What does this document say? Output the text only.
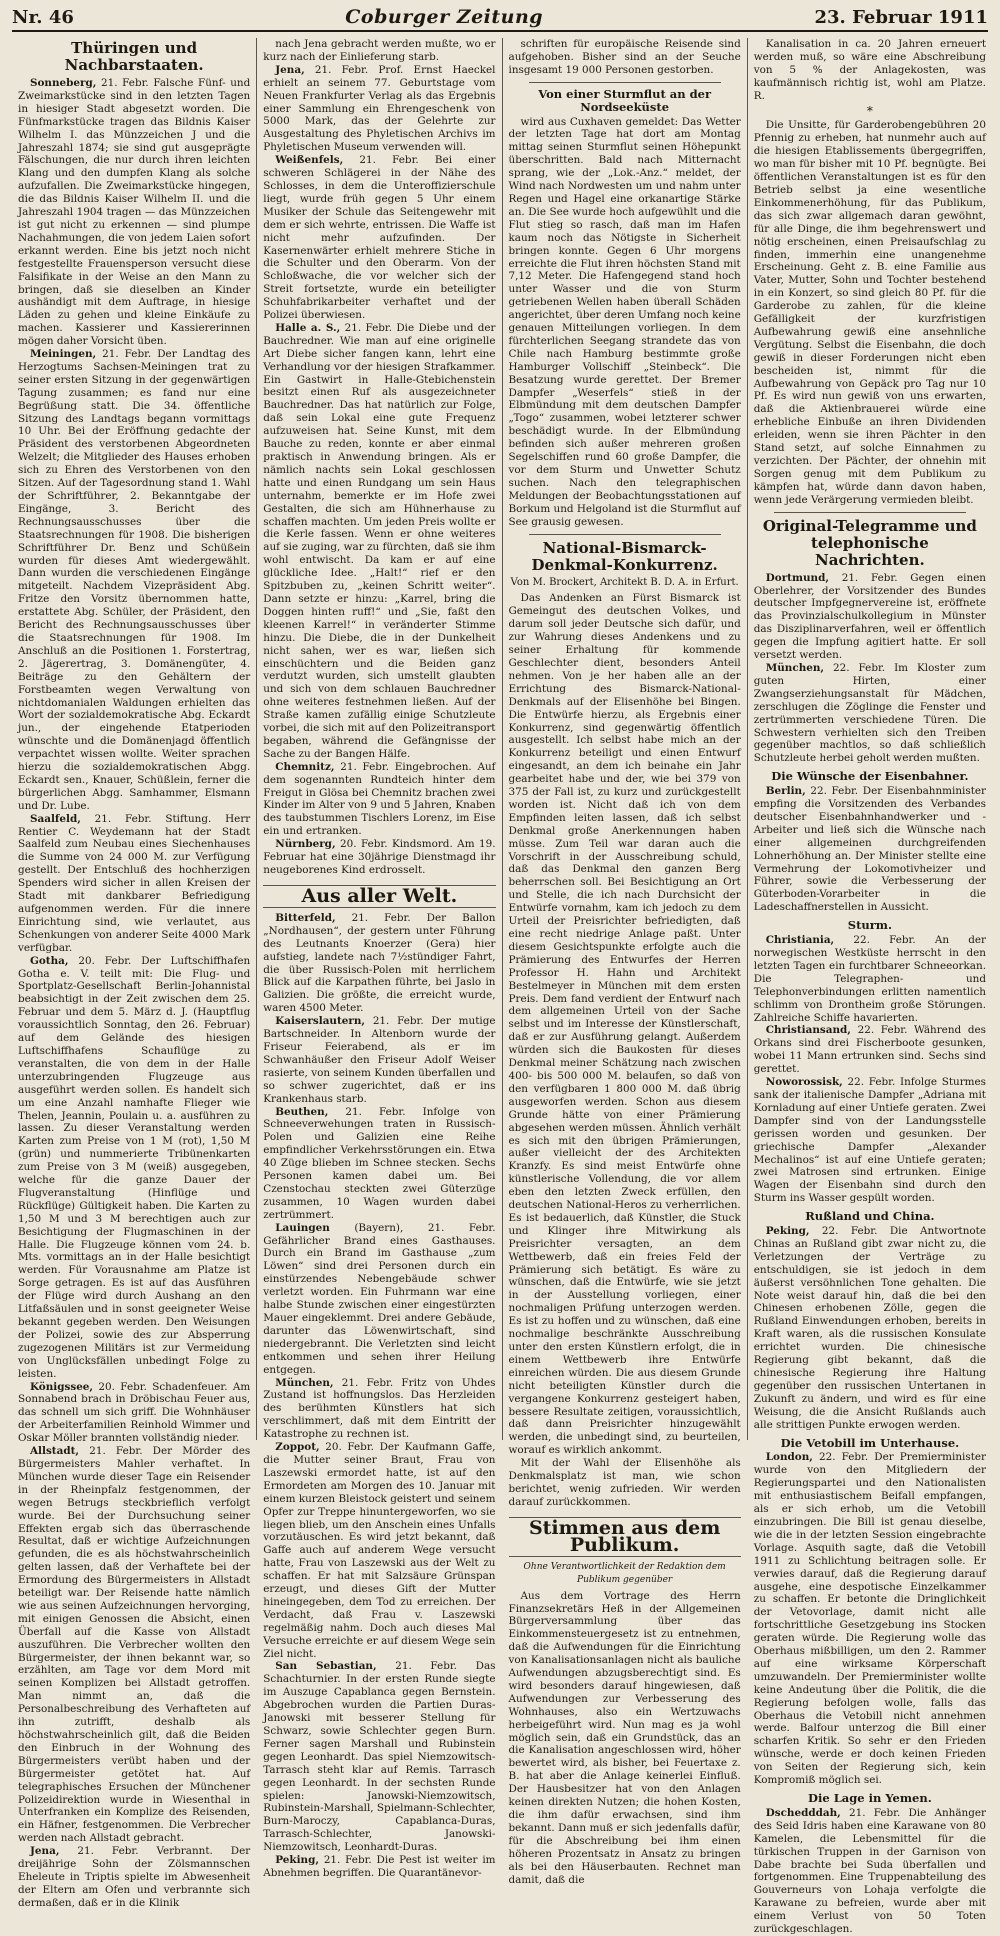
Nr. 46	Coburger Zeitung	23. Februar 1911
Thüringen und Nachbarstaaten.

Sonneberg, 21. Febr. Falsche Fünf- und Zweimarkstücke sind in den letzten Tagen in hiesiger Stadt abgesetzt worden. Die Fünfmarkstücke tragen das Bildnis Kaiser Wilhelm I. das Münzzeichen J und die Jahreszahl 1874; sie sind gut ausgeprägte Fälschungen, die nur durch ihren leichten Klang und den dumpfen Klang als solche aufzufallen. Die Zweimarkstücke hingegen, die das Bildnis Kaiser Wilhelm II. und die Jahreszahl 1904 tragen — das Münzzeichen ist gut nicht zu erkennen — sind plumpe Nachahmungen, die von jedem Laien sofort erkannt werden. Eine bis jetzt noch nicht festgestellte Frauensperson versucht diese Falsifikate in der Weise an den Mann zu bringen, daß sie dieselben an Kinder aushändigt mit dem Auftrage, in hiesige Läden zu gehen und kleine Einkäufe zu machen. Kassierer und Kassiererinnen mögen daher Vorsicht üben.

Meiningen, 21. Febr. Der Landtag des Herzogtums Sachsen-Meiningen trat zu seiner ersten Sitzung in der gegenwärtigen Tagung zusammen; es fand nur eine Begrüßung statt. Die 34. öffentliche Sitzung des Landtags begann vormittags 10 Uhr. Bei der Eröffnung gedachte der Präsident des verstorbenen Abgeordneten Welzelt; die Mitglieder des Hauses erhoben sich zu Ehren des Verstorbenen von den Sitzen. Auf der Tagesordnung stand 1. Wahl der Schriftführer, 2. Bekanntgabe der Eingänge, 3. Bericht des Rechnungsausschusses über die Staatsrechnungen für 1908. Die bisherigen Schriftführer Dr. Benz und Schüßein wurden für dieses Amt wiedergewählt. Dann wurden die verschiedenen Eingänge mitgeteilt. Nachdem Vizepräsident Abg. Fritze den Vorsitz übernommen hatte, erstattete Abg. Schüler, der Präsident, den Bericht des Rechnungsausschusses über die Staatsrechnungen für 1908. Im Anschluß an die Positionen 1. Forstertrag, 2. Jägerertrag, 3. Domänengüter, 4. Beiträge zu den Gehältern der Forstbeamten wegen Verwaltung von nichtdomanialen Waldungen erhielten das Wort der sozialdemokratische Abg. Eckardt jun., der eingehende Etatperioden wünschte und die Domänenjagd öffentlich verpachtet wissen wollte. Weiter sprachen hierzu die sozialdemokratischen Abgg. Eckardt sen., Knauer, Schüßlein, ferner die bürgerlichen Abgg. Samhammer, Elsmann und Dr. Lube.

Saalfeld, 21. Febr. Stiftung. Herr Rentier C. Weydemann hat der Stadt Saalfeld zum Neubau eines Siechenhauses die Summe von 24 000 M. zur Verfügung gestellt. Der Entschluß des hochherzigen Spenders wird sicher in allen Kreisen der Stadt mit dankbarer Befriedigung aufgenommen werden. Für die innere Einrichtung sind, wie verlautet, aus Schenkungen von anderer Seite 4000 Mark verfügbar.

Gotha, 20. Febr. Der Luftschiffhafen Gotha e. V. teilt mit: Die Flug- und Sportplatz-Gesellschaft Berlin-Johannistal beabsichtigt in der Zeit zwischen dem 25. Februar und dem 5. März d. J. (Hauptflug voraussichtlich Sonntag, den 26. Februar) auf dem Gelände des hiesigen Luftschiffhafens Schauflüge zu veranstalten, die von dem in der Halle unterzubringenden Flugzeuge aus ausgeführt werden sollen. Es handelt sich um eine Anzahl namhafte Flieger wie Thelen, Jeannin, Poulain u. a. ausführen zu lassen. Zu dieser Veranstaltung werden Karten zum Preise von 1 M (rot), 1,50 M (grün) und nummerierte Tribünenkarten zum Preise von 3 M (weiß) ausgegeben, welche für die ganze Dauer der Flugveranstaltung (Hinflüge und Rückflüge) Gültigkeit haben. Die Karten zu 1,50 M und 3 M berechtigen auch zur Besichtigung der Flugmaschinen in der Halle. Die Flugzeuge können vom 24. b. Mts. vormittags an in der Halle besichtigt werden. Für Vorausnahme am Platze ist Sorge getragen. Es ist auf das Ausführen der Flüge wird durch Aushang an den Litfaßsäulen und in sonst geeigneter Weise bekannt gegeben werden. Den Weisungen der Polizei, sowie des zur Absperrung zugezogenen Militärs ist zur Vermeidung von Unglücksfällen unbedingt Folge zu leisten.

Königssee, 20. Febr. Schadenfeuer. Am Sonnabend brach in Dröbischau Feuer aus, das schnell um sich griff. Die Wohnhäuser der Arbeiterfamilien Reinhold Wimmer und Oskar Möller brannten vollständig nieder.

Allstadt, 21. Febr. Der Mörder des Bürgermeisters Mahler verhaftet. In München wurde dieser Tage ein Reisender in der Rheinpfalz festgenommen, der wegen Betrugs steckbrieflich verfolgt wurde. Bei der Durchsuchung seiner Effekten ergab sich das überraschende Resultat, daß er wichtige Aufzeichnungen gefunden, die es als höchstwahrscheinlich gelten lassen, daß der Verhaftete bei der Ermordung des Bürgermeisters in Allstadt beteiligt war. Der Reisende hatte nämlich wie aus seinen Aufzeichnungen hervorging, mit einigen Genossen die Absicht, einen Überfall auf die Kasse von Allstadt auszuführen. Die Verbrecher wollten den Bürgermeister, der ihnen bekannt war, so erzählten, am Tage vor dem Mord mit seinen Komplizen bei Allstadt getroffen. Man nimmt an, daß die Personalbeschreibung des Verhafteten auf ihn zutrifft, deshalb als höchstwahrscheinlich gilt, daß die Beiden den Einbruch in der Wohnung des Bürgermeisters verübt haben und der Bürgermeister getötet hat. Auf telegraphisches Ersuchen der Münchener Polizeidirektion wurde in Wiesenthal in Unterfranken ein Komplize des Reisenden, ein Häfner, festgenommen. Die Verbrecher werden nach Allstadt gebracht.

Jena, 21. Febr. Verbrannt. Der dreijährige Sohn der Zölsmannschen Eheleute in Triptis spielte im Abwesenheit der Eltern am Ofen und verbrannte sich dermaßen, daß er in die Klinik

nach Jena gebracht werden mußte, wo er kurz nach der Einlieferung starb.

Jena, 21. Febr. Prof. Ernst Haeckel erhielt an seinem 77. Geburtstage vom Neuen Frankfurter Verlag als das Ergebnis einer Sammlung ein Ehrengeschenk von 5000 Mark, das der Gelehrte zur Ausgestaltung des Phyletischen Archivs im Phyletischen Museum verwenden will.

Weißenfels, 21. Febr. Bei einer schweren Schlägerei in der Nähe des Schlosses, in dem die Unteroffizierschule liegt, wurde früh gegen 5 Uhr einem Musiker der Schule das Seitengewehr mit dem er sich wehrte, entrissen. Die Waffe ist nicht mehr aufzufinden. Der Kasernenwärter erhielt mehrere Stiche in die Schulter und den Oberarm. Von der Schloßwache, die vor welcher sich der Streit fortsetzte, wurde ein beteiligter Schuhfabrikarbeiter verhaftet und der Polizei überwiesen.

Halle a. S., 21. Febr. Die Diebe und der Bauchredner. Wie man auf eine originelle Art Diebe sicher fangen kann, lehrt eine Verhandlung vor der hiesigen Strafkammer. Ein Gastwirt in Halle-Gtebichenstein besitzt einen Ruf als ausgezeichneter Bauchredner. Das hat natürlich zur Folge, daß sein Lokal eine gute Frequenz aufzuweisen hat. Seine Kunst, mit dem Bauche zu reden, konnte er aber einmal praktisch in Anwendung bringen. Als er nämlich nachts sein Lokal geschlossen hatte und einen Rundgang um sein Haus unternahm, bemerkte er im Hofe zwei Gestalten, die sich am Hühnerhause zu schaffen machten. Um jeden Preis wollte er die Kerle fassen. Wenn er ohne weiteres auf sie zuging, war zu fürchten, daß sie ihm wohl entwischt. Da kam er auf eine glückliche Idee. „Halt!“ rief er den Spitzbuben zu, „keinen Schritt weiter“. Dann setzte er hinzu: „Karrel, bring die Doggen hinten ruff!“ und „Sie, faßt den kleenen Karrel!“ in veränderter Stimme hinzu. Die Diebe, die in der Dunkelheit nicht sahen, wer es war, ließen sich einschüchtern und die Beiden ganz verdutzt wurden, sich umstellt glaubten und sich von dem schlauen Bauchredner ohne weiteres festnehmen ließen. Auf der Straße kamen zufällig einige Schutzleute vorbei, die sich mit auf den Polizeitransport begaben, während die Gefängnisse der Sache zu der Bangen Hälfe.

Chemnitz, 21. Febr. Eingebrochen. Auf dem sogenannten Rundteich hinter dem Freigut in Glösa bei Chemnitz brachen zwei Kinder im Alter von 9 und 5 Jahren, Knaben des taubstummen Tischlers Lorenz, im Eise ein und ertranken.

Nürnberg, 20. Febr. Kindsmord. Am 19. Februar hat eine 30jährige Dienstmagd ihr neugeborenes Kind erdrosselt.

Aus aller Welt.

Bitterfeld, 21. Febr. Der Ballon „Nordhausen“, der gestern unter Führung des Leutnants Knoerzer (Gera) hier aufstieg, landete nach 7½stündiger Fahrt, die über Russisch-Polen mit herrlichem Blick auf die Karpathen führte, bei Jaslo in Galizien. Die größte, die erreicht wurde, waren 4500 Meter.

Kaiserslautern, 21. Febr. Der mutige Bartschneider. In Altenborn wurde der Friseur Feierabend, als er im Schwanhäußer den Friseur Adolf Weiser rasierte, von seinem Kunden überfallen und so schwer zugerichtet, daß er ins Krankenhaus starb.

Beuthen, 21. Febr. Infolge von Schneeverwehungen traten in Russisch-Polen und Galizien eine Reihe empfindlicher Verkehrsstörungen ein. Etwa 40 Züge blieben im Schnee stecken. Sechs Personen kamen dabei um. Bei Czenstochau steckten zwei Güterzüge zusammen, 10 Wagen wurden dabei zertrümmert.

Lauingen (Bayern), 21. Febr. Gefährlicher Brand eines Gasthauses. Durch ein Brand im Gasthause „zum Löwen“ sind drei Personen durch ein einstürzendes Nebengebäude schwer verletzt worden. Ein Fuhrmann war eine halbe Stunde zwischen einer eingestürzten Mauer eingeklemmt. Drei andere Gebäude, darunter das Löwenwirtschaft, sind niedergebrannt. Die Verletzten sind leicht entkommen und sehen ihrer Heilung entgegen.

München, 21. Febr. Fritz von Uhdes Zustand ist hoffnungslos. Das Herzleiden des berühmten Künstlers hat sich verschlimmert, daß mit dem Eintritt der Katastrophe zu rechnen ist.

Zoppot, 20. Febr. Der Kaufmann Gaffe, die Mutter seiner Braut, Frau von Laszewski ermordet hatte, ist auf den Ermordeten am Morgen des 10. Januar mit einem kurzen Bleistock geistert und seinem Opfer zur Treppe hinuntergeworfen, wo sie liegen blieb, um den Anschein eines Unfalls vorzutäuschen. Es wird jetzt bekannt, daß Gaffe auch auf anderem Wege versucht hatte, Frau von Laszewski aus der Welt zu schaffen. Er hat mit Salzsäure Grünspan erzeugt, und dieses Gift der Mutter hineingegeben, dem Tod zu erreichen. Der Verdacht, daß Frau v. Laszewski regelmäßig nahm. Doch auch dieses Mal Versuche erreichte er auf diesem Wege sein Ziel nicht.

San Sebastian, 21. Febr. Das Schachturnier. In der ersten Runde siegte im Auszuge Capablanca gegen Bernstein. Abgebrochen wurden die Partien Duras-Janowski mit besserer Stellung für Schwarz, sowie Schlechter gegen Burn. Ferner sagen Marshall und Rubinstein gegen Leonhardt. Das spiel Niemzowitsch-Tarrasch steht klar auf Remis. Tarrasch gegen Leonhardt. In der sechsten Runde spielen: Janowski-Niemzowitsch, Rubinstein-Marshall, Spielmann-Schlechter, Burn-Maroczy, Capablanca-Duras, Tarrasch-Schlechter, Janowski-Niemzowitsch, Leonhardt-Duras.

Peking, 21. Febr. Die Pest ist weiter im Abnehmen begriffen. Die Quarantänevor-

schriften für europäische Reisende sind aufgehoben. Bisher sind an der Seuche insgesamt 19 000 Personen gestorben.

Von einer Sturmflut an der Nordseeküste

wird aus Cuxhaven gemeldet: Das Wetter der letzten Tage hat dort am Montag mittag seinen Sturmflut seinen Höhepunkt überschritten. Bald nach Mitternacht sprang, wie der „Lok.-Anz.“ meldet, der Wind nach Nordwesten um und nahm unter Regen und Hagel eine orkanartige Stärke an. Die See wurde hoch aufgewühlt und die Flut stieg so rasch, daß man im Hafen kaum noch das Nötigste in Sicherheit bringen konnte. Gegen 6 Uhr morgens erreichte die Flut ihren höchsten Stand mit 7,12 Meter. Die Hafengegend stand hoch unter Wasser und die von Sturm getriebenen Wellen haben überall Schäden angerichtet, über deren Umfang noch keine genauen Mitteilungen vorliegen. In dem fürchterlichen Seegang strandete das von Chile nach Hamburg bestimmte große Hamburger Vollschiff „Steinbeck“. Die Besatzung wurde gerettet. Der Bremer Dampfer „Weserfels“ stieß in der Elbmündung mit dem deutschen Dampfer „Togo“ zusammen, wobei letzterer schwer beschädigt wurde. In der Elbmündung befinden sich außer mehreren großen Segelschiffen rund 60 große Dampfer, die vor dem Sturm und Unwetter Schutz suchen. Nach den telegraphischen Meldungen der Beobachtungsstationen auf Borkum und Helgoland ist die Sturmflut auf See grausig gewesen.

National-Bismarck-Denkmal-Konkurrenz.
Von M. Brockert, Architekt B. D. A. in Erfurt.

Das Andenken an Fürst Bismarck ist Gemeingut des deutschen Volkes, und darum soll jeder Deutsche sich dafür, und zur Wahrung dieses Andenkens und zu seiner Erhaltung für kommende Geschlechter dient, besonders Anteil nehmen. Von je her haben alle an der Errichtung des Bismarck-National-Denkmals auf der Elisenhöhe bei Bingen. Die Entwürfe hierzu, als Ergebnis einer Konkurrenz, sind gegenwärtig öffentlich ausgestellt. Ich selbst habe mich an der Konkurrenz beteiligt und einen Entwurf eingesandt, an dem ich beinahe ein Jahr gearbeitet habe und der, wie bei 379 von 375 der Fall ist, zu kurz und zurückgestellt worden ist. Nicht daß ich von dem Empfinden leiten lassen, daß ich selbst Denkmal große Anerkennungen haben müsse. Zum Teil war daran auch die Vorschrift in der Ausschreibung schuld, daß das Denkmal den ganzen Berg beherrschen soll. Bei Besichtigung an Ort und Stelle, die ich nach Durchsicht der Entwürfe vornahm, kam ich jedoch zu dem Urteil der Preisrichter befriedigten, daß eine recht niedrige Anlage paßt. Unter diesem Gesichtspunkte erfolgte auch die Prämierung des Entwurfes der Herren Professor H. Hahn und Architekt Bestelmeyer in München mit dem ersten Preis. Dem fand verdient der Entwurf nach dem allgemeinen Urteil von der Sache selbst und im Interesse der Künstlerschaft, daß er zur Ausführung gelangt. Außerdem würden sich die Baukosten für dieses Denkmal meiner Schätzung nach zwischen 400- bis 500 000 M. belaufen, so daß von den verfügbaren 1 800 000 M. daß übrig ausgeworfen werden. Schon aus diesem Grunde hätte von einer Prämierung abgesehen werden müssen. Ähnlich verhält es sich mit den übrigen Prämierungen, außer vielleicht der des Architekten Kranzfy. Es sind meist Entwürfe ohne künstlerische Vollendung, die vor allem eben den letzten Zweck erfüllen, den deutschen National-Heros zu verherrlichen. Es ist bedauerlich, daß Künstler, die Stuck und Klinger ihre Mitwirkung als Preisrichter versagten, an dem Wettbewerb, daß ein freies Feld der Prämierung sich betätigt. Es wäre zu wünschen, daß die Entwürfe, wie sie jetzt in der Ausstellung vorliegen, einer nochmaligen Prüfung unterzogen werden. Es ist zu hoffen und zu wünschen, daß eine nochmalige beschränkte Ausschreibung unter den ersten Künstlern erfolgt, die in einem Wettbewerb ihre Entwürfe einreichen würden. Die aus diesem Grunde nicht beteiligten Künstler durch die vergangene Konkurrenz gesteigert haben, bessere Resultate zeitigen, voraussichtlich, daß dann Preisrichter hinzugewählt werden, die unbedingt sind, zu beurteilen, worauf es wirklich ankommt.

Mit der Wahl der Elisenhöhe als Denkmalsplatz ist man, wie schon berichtet, wenig zufrieden. Wir werden darauf zurückkommen.

Stimmen aus dem Publikum.
Ohne Verantwortlichkeit der Redaktion dem Publikum gegenüber

Aus dem Vortrage des Herrn Finanzsekretärs Heß in der Allgemeinen Bürgerversammlung über das Einkommensteuergesetz ist zu entnehmen, daß die Aufwendungen für die Einrichtung von Kanalisationsanlagen nicht als bauliche Aufwendungen abzugsberechtigt sind. Es wird besonders darauf hingewiesen, daß Aufwendungen zur Verbesserung des Wohnhauses, also ein Wertzuwachs herbeigeführt wird. Nun mag es ja wohl möglich sein, daß ein Grundstück, das an die Kanalisation angeschlossen wird, höher bewertet wird, als bisher, bei Feuertaxe z. B. hat aber die Anlage keinerlei Einfluß. Der Hausbesitzer hat von den Anlagen keinen direkten Nutzen; die hohen Kosten, die ihm dafür erwachsen, sind ihm bekannt. Dann muß er sich jedenfalls dafür, für die Abschreibung bei ihm einen höheren Prozentsatz in Ansatz zu bringen als bei den Häuserbauten. Rechnet man damit, daß die

Kanalisation in ca. 20 Jahren erneuert werden muß, so wäre eine Abschreibung von 5 % der Anlagekosten, was kaufmännisch richtig ist, wohl am Platze. R.

*

Die Unsitte, für Garderobengebühren 20 Pfennig zu erheben, hat nunmehr auch auf die hiesigen Etablissements übergegriffen, wo man für bisher mit 10 Pf. begnügte. Bei öffentlichen Veranstaltungen ist es für den Betrieb selbst ja eine wesentliche Einkommenerhöhung, für das Publikum, das sich zwar allgemach daran gewöhnt, für alle Dinge, die ihm begehrenswert und nötig erscheinen, einen Preisaufschlag zu finden, immerhin eine unangenehme Erscheinung. Geht z. B. eine Familie aus Vater, Mutter, Sohn und Tochter bestehend in ein Konzert, so sind gleich 80 Pf. für die Garderobe zu zahlen, für die kleine Gefälligkeit der kurzfristigen Aufbewahrung gewiß eine ansehnliche Vergütung. Selbst die Eisenbahn, die doch gewiß in dieser Forderungen nicht eben bescheiden ist, nimmt für die Aufbewahrung von Gepäck pro Tag nur 10 Pf. Es wird nun gewiß von uns erwarten, daß die Aktienbrauerei würde eine erhebliche Einbuße an ihren Dividenden erleiden, wenn sie ihren Pächter in den Stand setzt, auf solche Einnahmen zu verzichten. Der Pächter, der ohnehin mit Sorgen genug mit dem Publikum zu kämpfen hat, würde dann davon haben, wenn jede Verärgerung vermieden bleibt.

Original-Telegramme und telephonische Nachrichten.

Dortmund, 21. Febr. Gegen einen Oberlehrer, der Vorsitzender des Bundes deutscher Impfgegnervereine ist, eröffnete das Provinzialschulkollegium in Münster das Disziplinarverfahren, weil er öffentlich gegen die Impfung agitiert hatte. Er soll versetzt werden.

München, 22. Febr. Im Kloster zum guten Hirten, einer Zwangserziehungsanstalt für Mädchen, zerschlugen die Zöglinge die Fenster und zertrümmerten verschiedene Türen. Die Schwestern verhielten sich den Treiben gegenüber machtlos, so daß schließlich Schutzleute herbei geholt werden mußten.

Die Wünsche der Eisenbahner.

Berlin, 22. Febr. Der Eisenbahnminister empfing die Vorsitzenden des Verbandes deutscher Eisenbahnhandwerker und -Arbeiter und ließ sich die Wünsche nach einer allgemeinen durchgreifenden Lohnerhöhung an. Der Minister stellte eine Vermehrung der Lokomotivheizer und Führer, sowie die Verbesserung der Güterboden-Vorarbeiter in die Ladeschaffnerstellen in Aussicht.

Sturm.

Christiania, 22. Febr. An der norwegischen Westküste herrscht in den letzten Tagen ein furchtbarer Schneeorkan. Die Telegraphen- und Telephonverbindungen erlitten namentlich schlimm von Drontheim große Störungen. Zahlreiche Schiffe havarierten.

Christiansand, 22. Febr. Während des Orkans sind drei Fischerboote gesunken, wobei 11 Mann ertrunken sind. Sechs sind gerettet.

Noworossisk, 22. Febr. Infolge Sturmes sank der italienische Dampfer „Adriana mit Kornladung auf einer Untiefe geraten. Zwei Dampfer sind von der Landungsstelle gerissen worden und gesunken. Der griechische Dampfer „Alexander Mechalinos“ ist auf eine Untiefe geraten; zwei Matrosen sind ertrunken. Einige Wagen der Eisenbahn sind durch den Sturm ins Wasser gespült worden.

Rußland und China.

Peking, 22. Febr. Die Antwortnote Chinas an Rußland gibt zwar nicht zu, die Verletzungen der Verträge zu entschuldigen, sie ist jedoch in dem äußerst versöhnlichen Tone gehalten. Die Note weist darauf hin, daß die bei den Chinesen erhobenen Zölle, gegen die Rußland Einwendungen erhoben, bereits in Kraft waren, als die russischen Konsulate errichtet wurden. Die chinesische Regierung gibt bekannt, daß die chinesische Regierung ihre Haltung gegenüber den russischen Untertanen in Zukunft zu ändern, und wird es für eine Weisung, die die Ansicht Rußlands auch alle strittigen Punkte erwogen werden.

Die Vetobill im Unterhause.

London, 22. Febr. Der Premierminister wurde von den Mitgliedern der Regierungspartei und den Nationalisten mit enthusiastischem Beifall empfangen, als er sich erhob, um die Vetobill einzubringen. Die Bill ist genau dieselbe, wie die in der letzten Session eingebrachte Vorlage. Asquith sagte, daß die Vetobill 1911 zu Schlichtung beitragen solle. Er verwies darauf, daß die Regierung darauf ausgehe, eine despotische Einzelkammer zu schaffen. Er betonte die Dringlichkeit der Vetovorlage, damit nicht alle fortschrittliche Gesetzgebung ins Stocken geraten würde. Die Regierung wolle das Oberhaus mißbilligen, um den 2. Rammer auf eine wirksame Körperschaft umzuwandeln. Der Premierminister wollte keine Andeutung über die Politik, die die Regierung befolgen wolle, falls das Oberhaus die Vetobill nicht annehmen werde. Balfour unterzog die Bill einer scharfen Kritik. So sehr er den Frieden wünsche, werde er doch keinen Frieden von Seiten der Regierung sich, kein Kompromiß möglich sei.

Die Lage in Yemen.

Dschedddah, 21. Febr. Die Anhänger des Seid Idris haben eine Karawane von 80 Kamelen, die Lebensmittel für die türkischen Truppen in der Garnison von Dabe brachte bei Suda überfallen und fortgenommen. Eine Truppenabteilung des Gouverneurs von Lohaja verfolgte die Karawane zu befreien, wurde aber mit einem Verlust von 50 Toten zurückgeschlagen.
